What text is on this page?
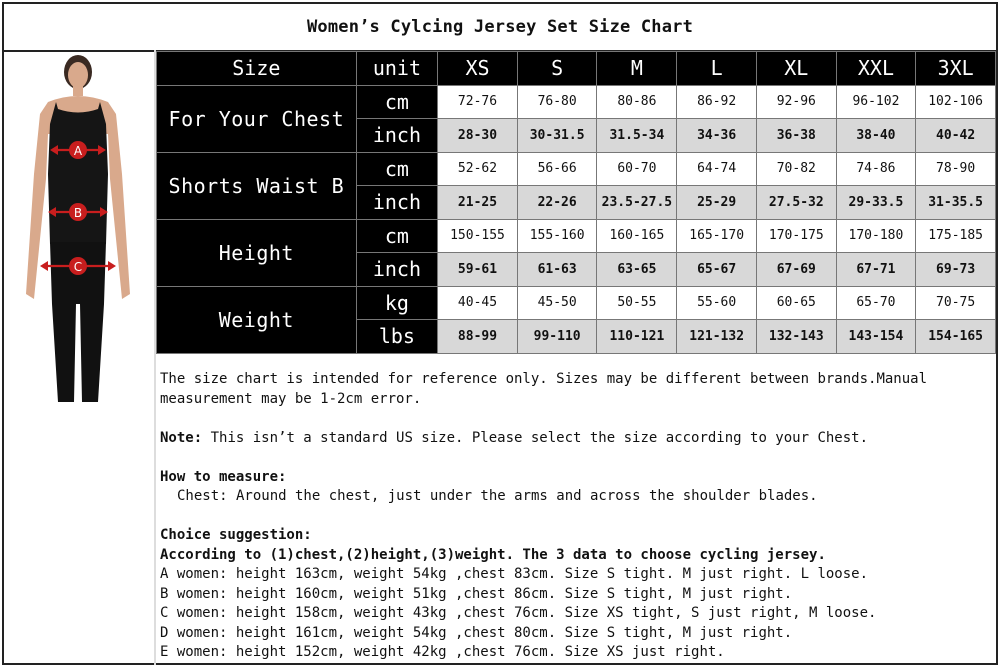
Women’s Cylcing Jersey Set Size Chart
A
B
C
Size	unit	XS	S	M	L	XL	XXL	3XL
For Your Chest	cm	72-76	76-80	80-86	86-92	92-96	96-102	102-106
	inch	28-30	30-31.5	31.5-34	34-36	36-38	38-40	40-42
Shorts Waist B	cm	52-62	56-66	60-70	64-74	70-82	74-86	78-90
	inch	21-25	22-26	23.5-27.5	25-29	27.5-32	29-33.5	31-35.5
Height	cm	150-155	155-160	160-165	165-170	170-175	170-180	175-185
	inch	59-61	61-63	63-65	65-67	67-69	67-71	69-73
Weight	kg	40-45	45-50	50-55	55-60	60-65	65-70	70-75
	lbs	88-99	99-110	110-121	121-132	132-143	143-154	154-165

The size chart is intended for reference only. Sizes may be different between brands.Manual

measurement may be 1-2cm error.

Note: This isn’t a standard US size. Please select the size according to your Chest.

How to measure:

Chest: Around the chest, just under the arms and across the shoulder blades.

Choice suggestion:

According to (1)chest,(2)height,(3)weight. The 3 data to choose cycling jersey.

A women: height 163cm, weight 54kg ,chest 83cm. Size S tight. M just right. L loose.

B women: height 160cm, weight 51kg ,chest 86cm. Size S tight, M just right.

C women: height 158cm, weight 43kg ,chest 76cm. Size XS tight, S just right, M loose.

D women: height 161cm, weight 54kg ,chest 80cm. Size S tight, M just right.

E women: height 152cm, weight 42kg ,chest 76cm. Size XS just right.
